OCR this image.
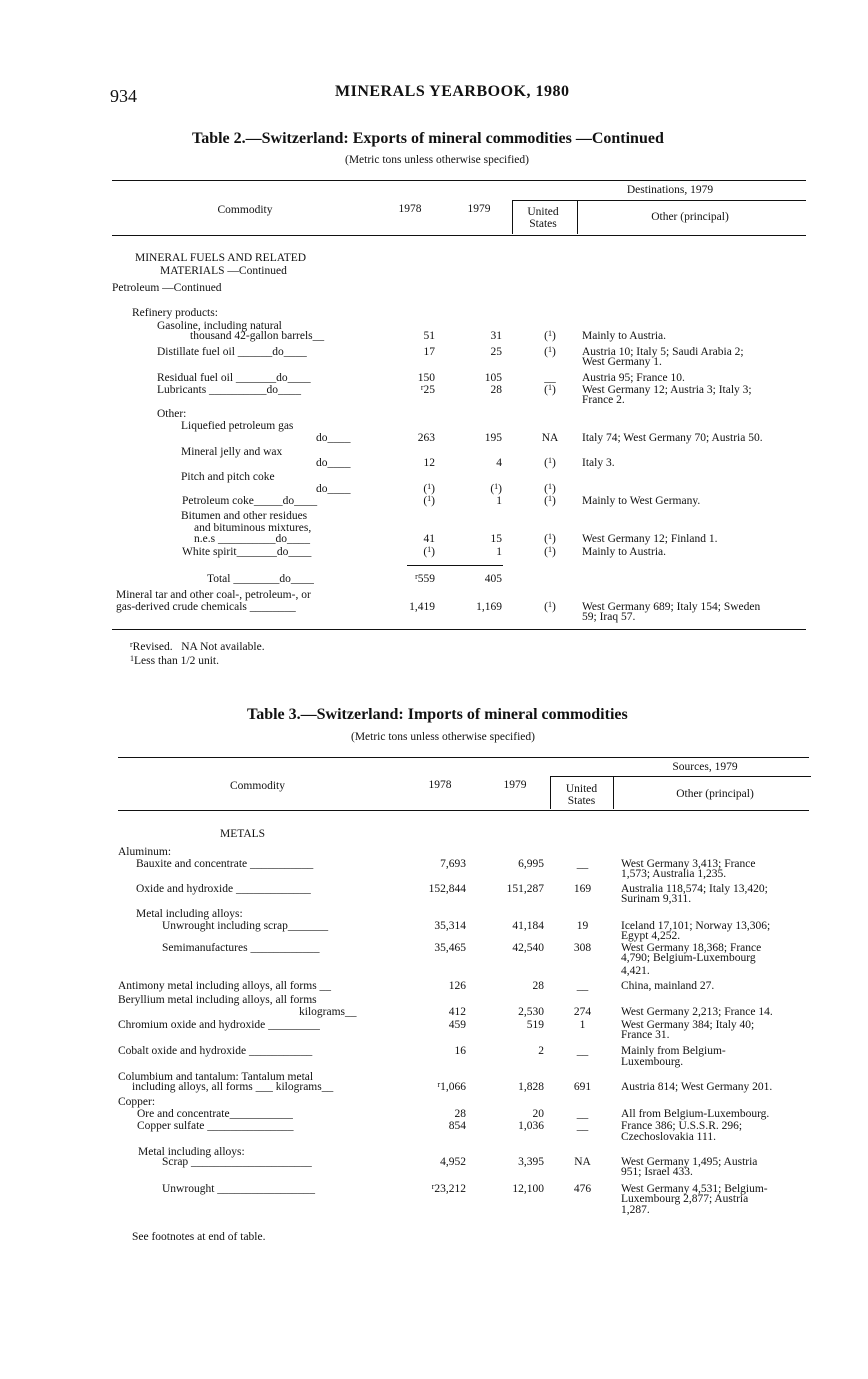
934	MINERALS YEARBOOK, 1980
Table 2.—Switzerland: Exports of mineral commodities —Continued
(Metric tons unless otherwise specified)
Commodity	1978	1979
Destinations, 1979
United
States
Other (principal)
MINERAL FUELS AND RELATED
MATERIALS —Continued
Petroleum —Continued
Refinery products:
Gasoline, including natural
thousand 42-gallon barrels__	51	31	($^1$)	Mainly to Austria.
Distillate fuel oil ______do____	17	25	($^1$)	Austria 10; Italy 5; Saudi Arabia 2;
West Germany 1.
Residual fuel oil _______do____	150	105	__	Austria 95; France 10.
Lubricants __________do____	$^r$25	28	($^1$)	West Germany 12; Austria 3; Italy 3;
France 2.
Other:
Liquefied petroleum gas
do____	263	195	NA	Italy 74; West Germany 70; Austria 50.
Mineral jelly and wax
do____	12	4	($^1$)	Italy 3.
Pitch and pitch coke
do____	($^1$)	($^1$)	($^1$)
Petroleum coke_____do____	($^1$)	1	($^1$)	Mainly to West Germany.
Bitumen and other residues
and bituminous mixtures,
n.e.s __________do____	41	15	($^1$)	West Germany 12; Finland 1.
White spirit_______do____	($^1$)	1	($^1$)	Mainly to Austria.
Total ________do____	$^r$559	405
Mineral tar and other coal-, petroleum-, or
gas-derived crude chemicals ________	1,419	1,169	($^1$)	West Germany 689; Italy 154; Sweden
59; Iraq 57.
$^r$Revised.   NA Not available.
$^1$Less than 1/2 unit.
Table 3.—Switzerland: Imports of mineral commodities
(Metric tons unless otherwise specified)
Commodity	1978	1979
Sources, 1979
United
States
Other (principal)
METALS
Aluminum:
Bauxite and concentrate ___________	7,693	6,995	__	West Germany 3,413; France
1,573; Australia 1,235.
Oxide and hydroxide _____________	152,844	151,287	169	Australia 118,574; Italy 13,420;
Surinam 9,311.
Metal including alloys:
Unwrought including scrap_______	35,314	41,184	19	Iceland 17,101; Norway 13,306;
Egypt 4,252.
Semimanufactures ____________	35,465	42,540	308	West Germany 18,368; France
4,790; Belgium-Luxembourg
4,421.
Antimony metal including alloys, all forms __	126	28	__	China, mainland 27.
Beryllium metal including alloys, all forms
kilograms__	412	2,530	274	West Germany 2,213; France 14.
Chromium oxide and hydroxide _________	459	519	1	West Germany 384; Italy 40;
France 31.
Cobalt oxide and hydroxide ___________	16	2	__	Mainly from Belgium-
Luxembourg.
Columbium and tantalum: Tantalum metal
including alloys, all forms ___ kilograms__	$^r$1,066	1,828	691	Austria 814; West Germany 201.
Copper:
Ore and concentrate___________	28	20	__	All from Belgium-Luxembourg.
Copper sulfate _______________	854	1,036	__	France 386; U.S.S.R. 296;
Czechoslovakia 111.
Metal including alloys:
Scrap _____________________	4,952	3,395	NA	West Germany 1,495; Austria
951; Israel 433.
Unwrought _________________	$^r$23,212	12,100	476	West Germany 4,531; Belgium-
Luxembourg 2,877; Austria
1,287.
See footnotes at end of table.
